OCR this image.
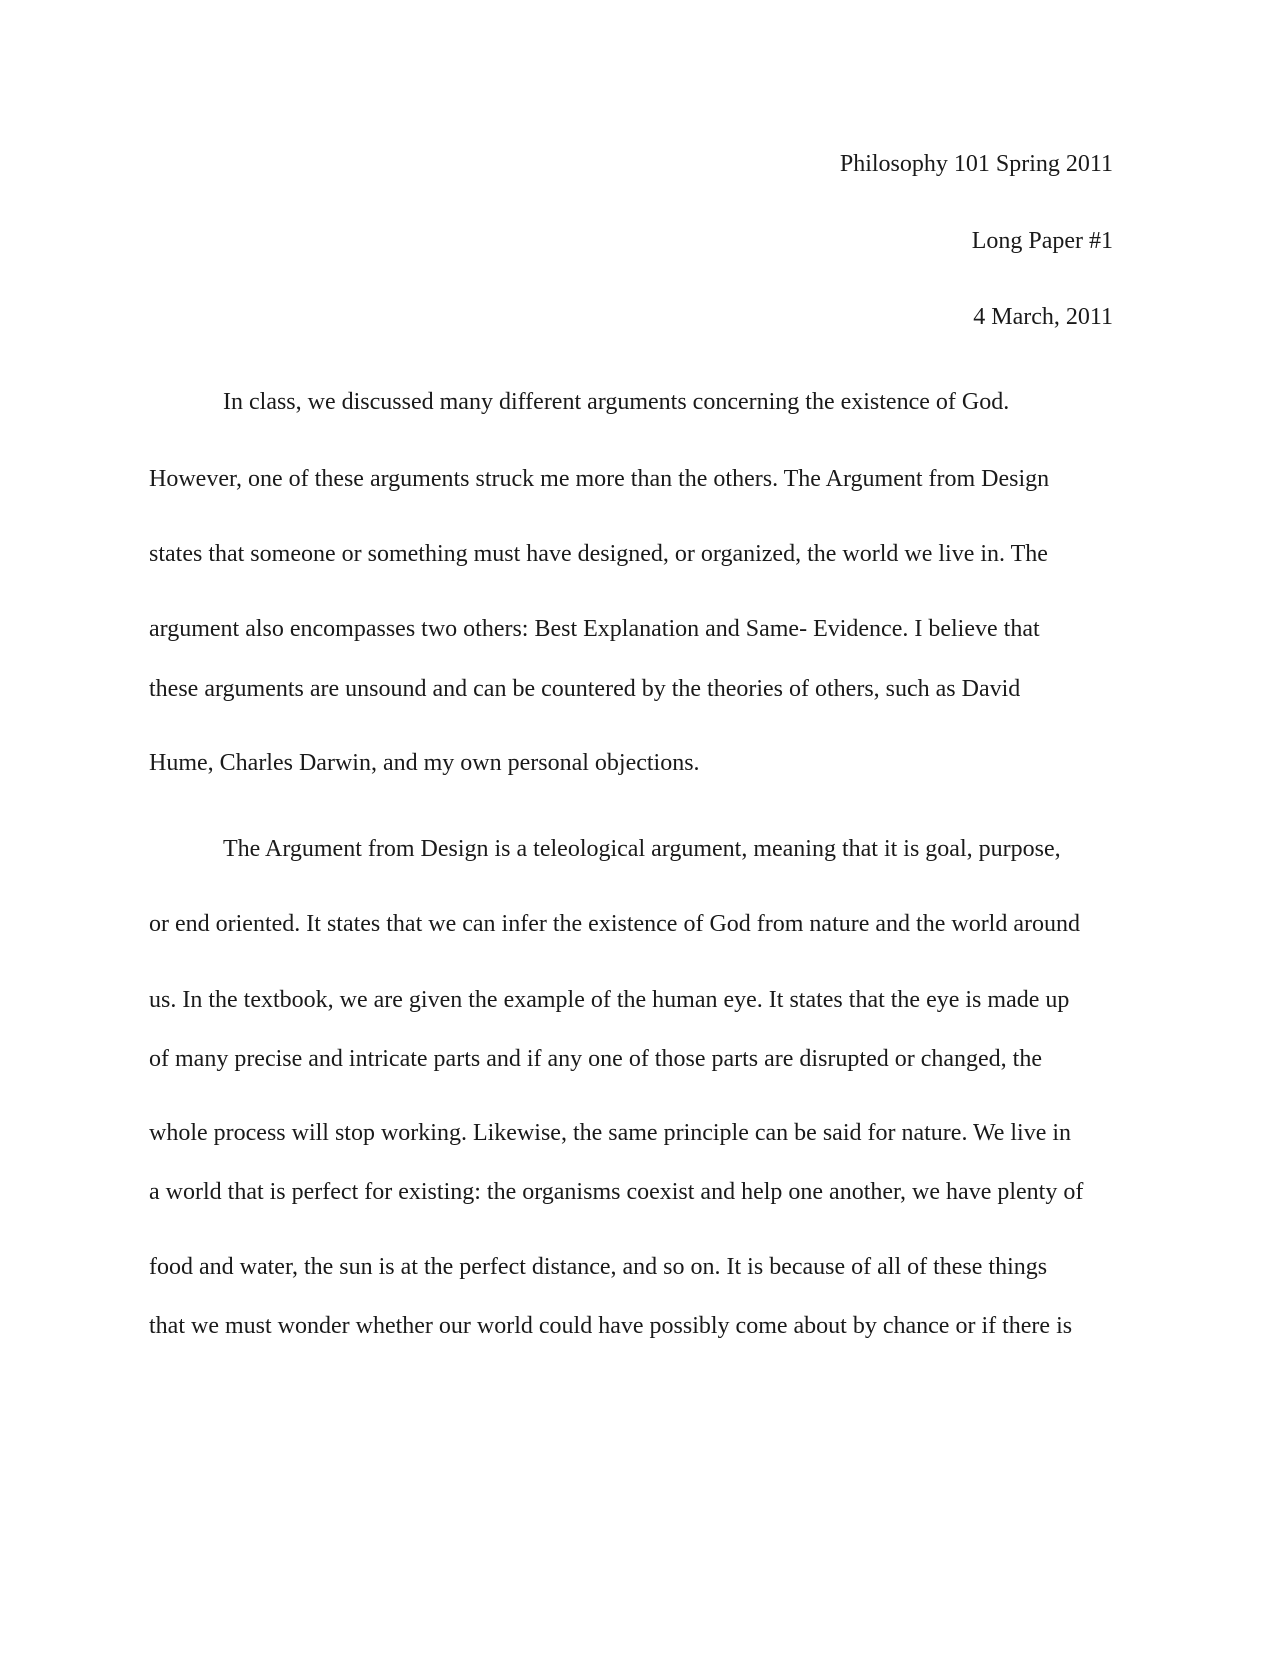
Philosophy 101 Spring 2011
Long Paper #1
4 March, 2011
In class, we discussed many different arguments concerning the existence of God.
However, one of these arguments struck me more than the others. The Argument from Design
states that someone or something must have designed, or organized, the world we live in. The
argument also encompasses two others: Best Explanation and Same- Evidence. I believe that
these arguments are unsound and can be countered by the theories of others, such as David
Hume, Charles Darwin, and my own personal objections.
The Argument from Design is a teleological argument, meaning that it is goal, purpose,
or end oriented. It states that we can infer the existence of God from nature and the world around
us. In the textbook, we are given the example of the human eye. It states that the eye is made up
of many precise and intricate parts and if any one of those parts are disrupted or changed, the
whole process will stop working. Likewise, the same principle can be said for nature. We live in
a world that is perfect for existing: the organisms coexist and help one another, we have plenty of
food and water, the sun is at the perfect distance, and so on. It is because of all of these things
that we must wonder whether our world could have possibly come about by chance or if there is
